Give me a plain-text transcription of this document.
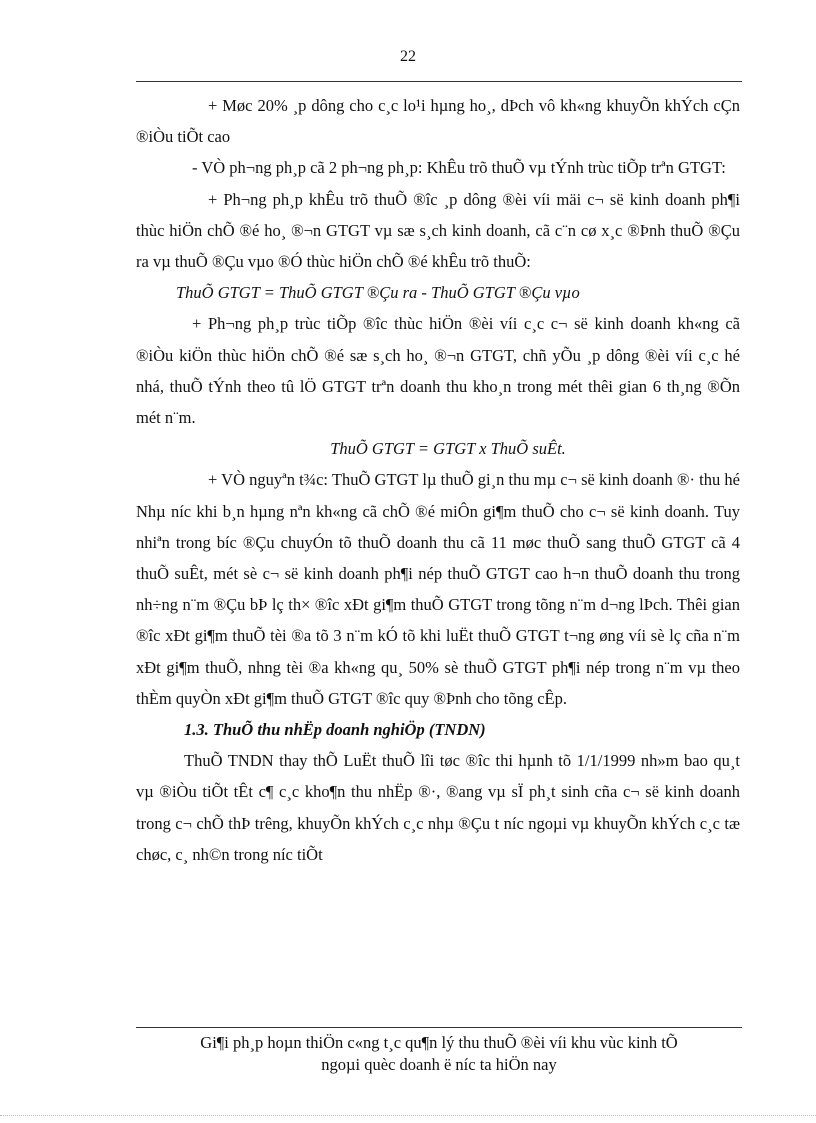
22

+ Møc 20% ¸p dông cho c¸c lo¹i hµng ho¸, dÞch vô kh«ng khuyÕn khÝch cÇn ®iÒu tiÕt cao

- VÒ ph¬ng ph¸p cã 2 ph¬ng ph¸p: KhÊu trõ thuÕ vµ tÝnh trùc tiÕp trªn GTGT:

+ Ph¬ng ph¸p khÊu trõ thuÕ ®îc ¸p dông ®èi víi mäi c¬ së kinh doanh ph¶i thùc hiÖn chÕ ®é ho¸ ®¬n GTGT vµ sæ s¸ch kinh doanh, cã c¨n cø x¸c ®Þnh thuÕ ®Çu ra vµ thuÕ ®Çu vµo ®Ó thùc hiÖn chÕ ®é khÊu trõ thuÕ:

ThuÕ GTGT = ThuÕ GTGT ®Çu ra - ThuÕ GTGT ®Çu vµo

+ Ph¬ng ph¸p trùc tiÕp ®îc thùc hiÖn ®èi víi c¸c c¬ së kinh doanh kh«ng cã ®iÒu kiÖn thùc hiÖn chÕ ®é sæ s¸ch ho¸ ®¬n GTGT, chñ yÕu ¸p dông ®èi víi c¸c hé nhá, thuÕ tÝnh theo tû lÖ GTGT trªn doanh thu kho¸n trong mét thêi gian 6 th¸ng ®Õn mét n¨m.

ThuÕ GTGT = GTGT x ThuÕ suÊt.

+ VÒ nguyªn t¾c: ThuÕ GTGT lµ thuÕ gi¸n thu mµ c¬ së kinh doanh ®· thu hé Nhµ níc khi b¸n hµng nªn kh«ng cã chÕ ®é miÔn gi¶m thuÕ cho c¬ së kinh doanh. Tuy nhiªn trong bíc ®Çu chuyÓn tõ thuÕ doanh thu cã 11 møc thuÕ sang thuÕ GTGT cã 4 thuÕ suÊt, mét sè c¬ së kinh doanh ph¶i nép thuÕ GTGT cao h¬n thuÕ doanh thu trong nh÷ng n¨m ®Çu bÞ lç th× ®îc xÐt gi¶m thuÕ GTGT trong tõng n¨m d¬ng lÞch. Thêi gian ®îc xÐt gi¶m thuÕ tèi ®a tõ 3 n¨m kÓ tõ khi luËt thuÕ GTGT t¬ng øng víi sè lç cña n¨m xÐt gi¶m thuÕ, nhng tèi ®a kh«ng qu¸ 50% sè thuÕ GTGT ph¶i nép trong n¨m vµ theo thÈm quyÒn xÐt gi¶m thuÕ GTGT ®îc quy ®Þnh cho tõng cÊp.

1.3. ThuÕ thu nhËp doanh nghiÖp (TNDN)

ThuÕ TNDN thay thÕ LuËt thuÕ lîi tøc ®îc thi hµnh tõ 1/1/1999 nh»m bao qu¸t vµ ®iÒu tiÕt tÊt c¶ c¸c kho¶n thu nhËp ®·, ®ang vµ sÏ ph¸t sinh cña c¬ së kinh doanh trong c¬ chÕ thÞ trêng, khuyÕn khÝch c¸c nhµ ®Çu t níc ngoµi vµ khuyÕn khÝch c¸c tæ chøc, c¸ nh©n trong níc tiÕt

Gi¶i ph¸p hoµn thiÖn c«ng t¸c qu¶n lý thu thuÕ ®èi víi khu vùc kinh tÕ
ngoµi quèc doanh ë níc ta hiÖn nay
